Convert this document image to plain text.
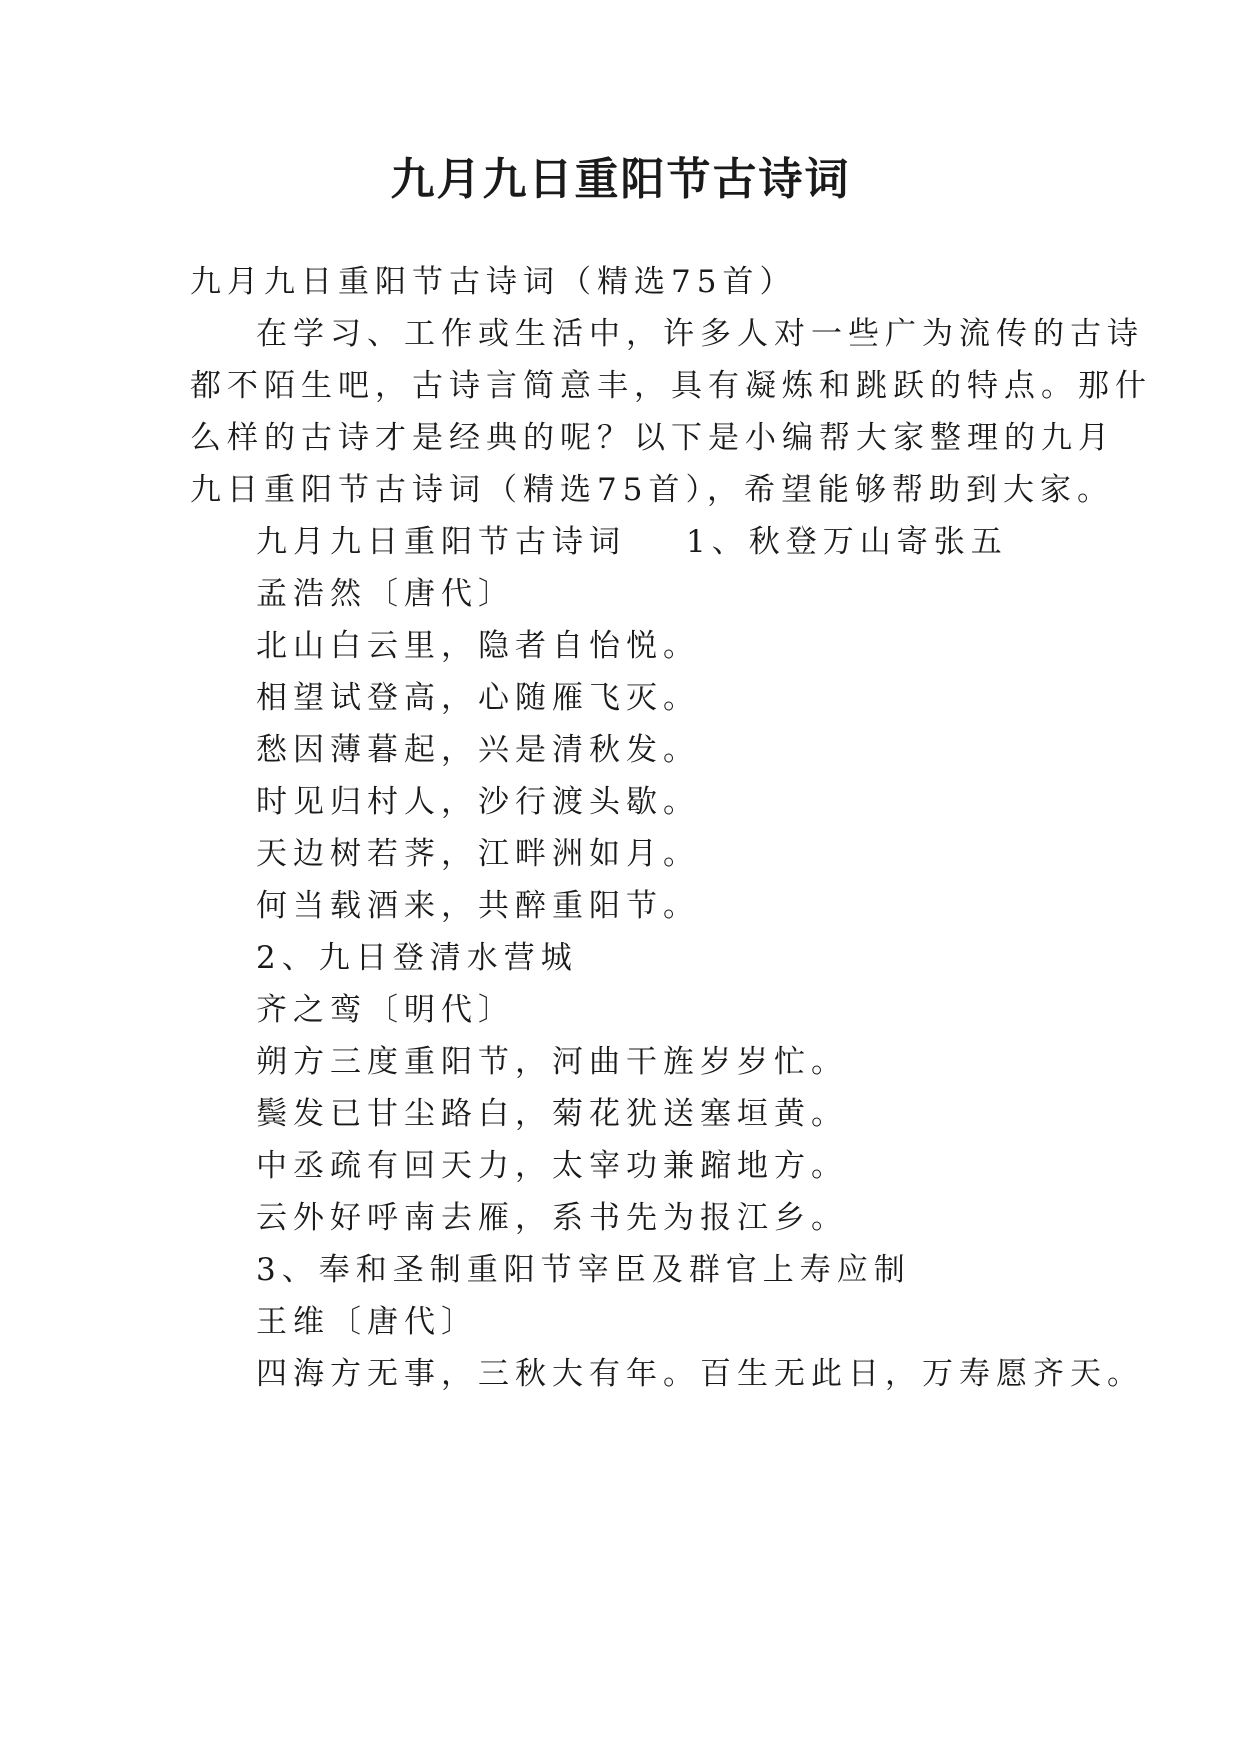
九月九日重阳节古诗词
九月九日重阳节古诗词（精选75首）
在学习、工作或生活中，许多人对一些广为流传的古诗
都不陌生吧，古诗言简意丰，具有凝炼和跳跃的特点。那什
么样的古诗才是经典的呢？以下是小编帮大家整理的九月
九日重阳节古诗词（精选75首），希望能够帮助到大家。
九月九日重阳节古诗词 1、秋登万山寄张五
孟浩然〔唐代〕
北山白云里，隐者自怡悦。
相望试登高，心随雁飞灭。
愁因薄暮起，兴是清秋发。
时见归村人，沙行渡头歇。
天边树若荠，江畔洲如月。
何当载酒来，共醉重阳节。
2、九日登清水营城
齐之鸾〔明代〕
朔方三度重阳节，河曲干旌岁岁忙。
鬓发已甘尘路白，菊花犹送塞垣黄。
中丞疏有回天力，太宰功兼蹜地方。
云外好呼南去雁，系书先为报江乡。
3、奉和圣制重阳节宰臣及群官上寿应制
王维〔唐代〕
四海方无事，三秋大有年。百生无此日，万寿愿齐天。
